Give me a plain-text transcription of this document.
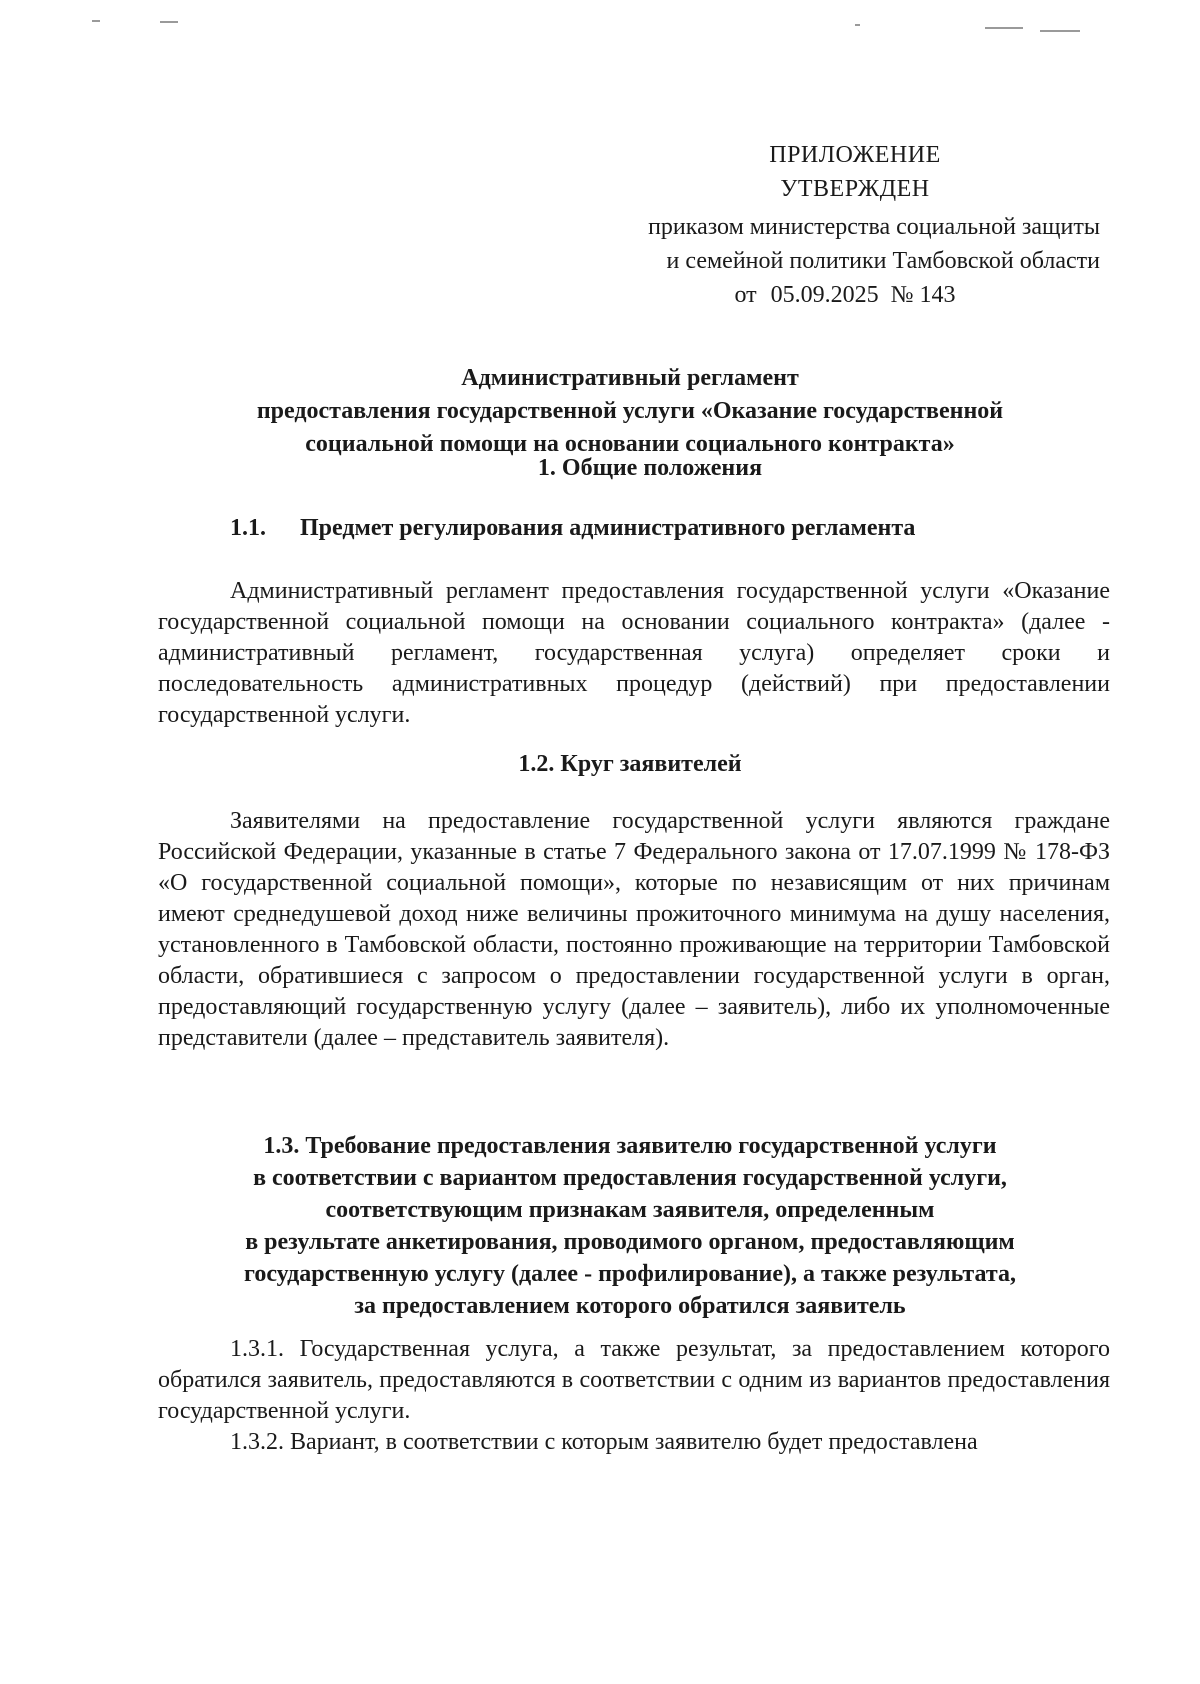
ПРИЛОЖЕНИЕ
УТВЕРЖДЕН
приказом министерства социальной защиты
и семейной политики Тамбовской области
от 05.09.2025 № 143
Административный регламент
предоставления государственной услуги «Оказание государственной
социальной помощи на основании социального контракта»
1. Общие положения
1.1. Предмет регулирования административного регламента

Административный регламент предоставления государственной услуги «Оказание государственной социальной помощи на основании социального контракта» (далее - административный регламент, государственная услуга) определяет сроки и последовательность административных процедур (действий) при предоставлении государственной услуги.

1.2. Круг заявителей

Заявителями на предоставление государственной услуги являются граждане Российской Федерации, указанные в статье 7 Федерального закона от 17.07.1999 № 178-ФЗ «О государственной социальной помощи», которые по независящим от них причинам имеют среднедушевой доход ниже величины прожиточного минимума на душу населения, установленного в Тамбовской области, постоянно проживающие на территории Тамбовской области, обратившиеся с запросом о предоставлении государственной услуги в орган, предоставляющий государственную услугу (далее – заявитель), либо их уполномоченные представители (далее – представитель заявителя).

1.3. Требование предоставления заявителю государственной услуги
в соответствии с вариантом предоставления государственной услуги,
соответствующим признакам заявителя, определенным
в результате анкетирования, проводимого органом, предоставляющим
государственную услугу (далее - профилирование), а также результата,
за предоставлением которого обратился заявитель

1.3.1. Государственная услуга, а также результат, за предоставлением которого обратился заявитель, предоставляются в соответствии с одним из вариантов предоставления государственной услуги.

1.3.2. Вариант, в соответствии с которым заявителю будет предоставлена
